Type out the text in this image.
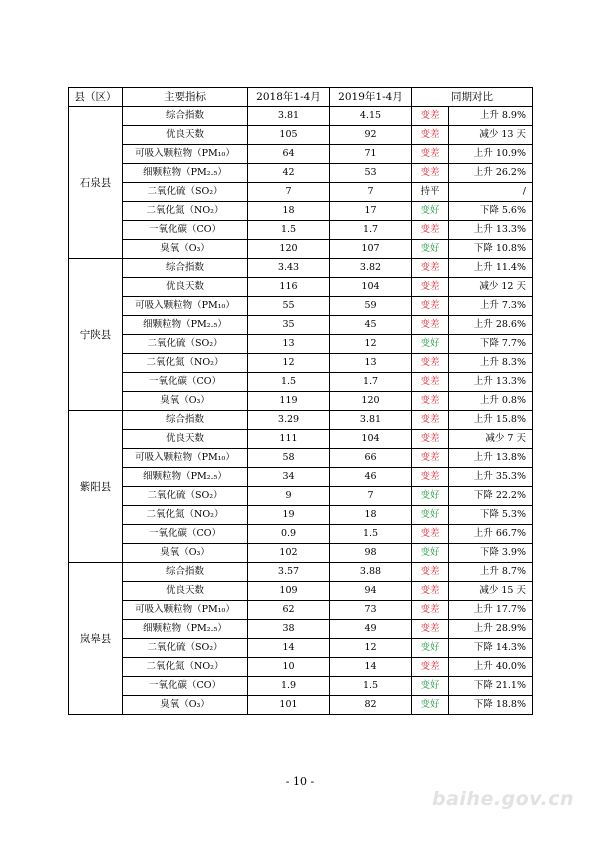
县（区）	主要指标	2018年1-4月	2019年1-4月	同期对比	
石泉县	综合指数	3.81	4.15	变差	上升 8.9%
	优良天数	105	92	变差	减少 13 天
	可吸入颗粒物（PM₁₀）	64	71	变差	上升 10.9%
	细颗粒物（PM₂.₅）	42	53	变差	上升 26.2%
	二氧化硫（SO₂）	7	7	持平	/
	二氧化氮（NO₂）	18	17	变好	下降 5.6%
	一氧化碳（CO）	1.5	1.7	变差	上升 13.3%
	臭氧（O₃）	120	107	变好	下降 10.8%
宁陕县	综合指数	3.43	3.82	变差	上升 11.4%
	优良天数	116	104	变差	减少 12 天
	可吸入颗粒物（PM₁₀）	55	59	变差	上升 7.3%
	细颗粒物（PM₂.₅）	35	45	变差	上升 28.6%
	二氧化硫（SO₂）	13	12	变好	下降 7.7%
	二氧化氮（NO₂）	12	13	变差	上升 8.3%
	一氧化碳（CO）	1.5	1.7	变差	上升 13.3%
	臭氧（O₃）	119	120	变差	上升 0.8%
紫阳县	综合指数	3.29	3.81	变差	上升 15.8%
	优良天数	111	104	变差	减少 7 天
	可吸入颗粒物（PM₁₀）	58	66	变差	上升 13.8%
	细颗粒物（PM₂.₅）	34	46	变差	上升 35.3%
	二氧化硫（SO₂）	9	7	变好	下降 22.2%
	二氧化氮（NO₂）	19	18	变好	下降 5.3%
	一氧化碳（CO）	0.9	1.5	变差	上升 66.7%
	臭氧（O₃）	102	98	变好	下降 3.9%
岚皋县	综合指数	3.57	3.88	变差	上升 8.7%
	优良天数	109	94	变差	减少 15 天
	可吸入颗粒物（PM₁₀）	62	73	变差	上升 17.7%
	细颗粒物（PM₂.₅）	38	49	变差	上升 28.9%
	二氧化硫（SO₂）	14	12	变好	下降 14.3%
	二氧化氮（NO₂）	10	14	变差	上升 40.0%
	一氧化碳（CO）	1.9	1.5	变好	下降 21.1%
	臭氧（O₃）	101	82	变好	下降 18.8%
- 10 -
baihe.gov.cn
